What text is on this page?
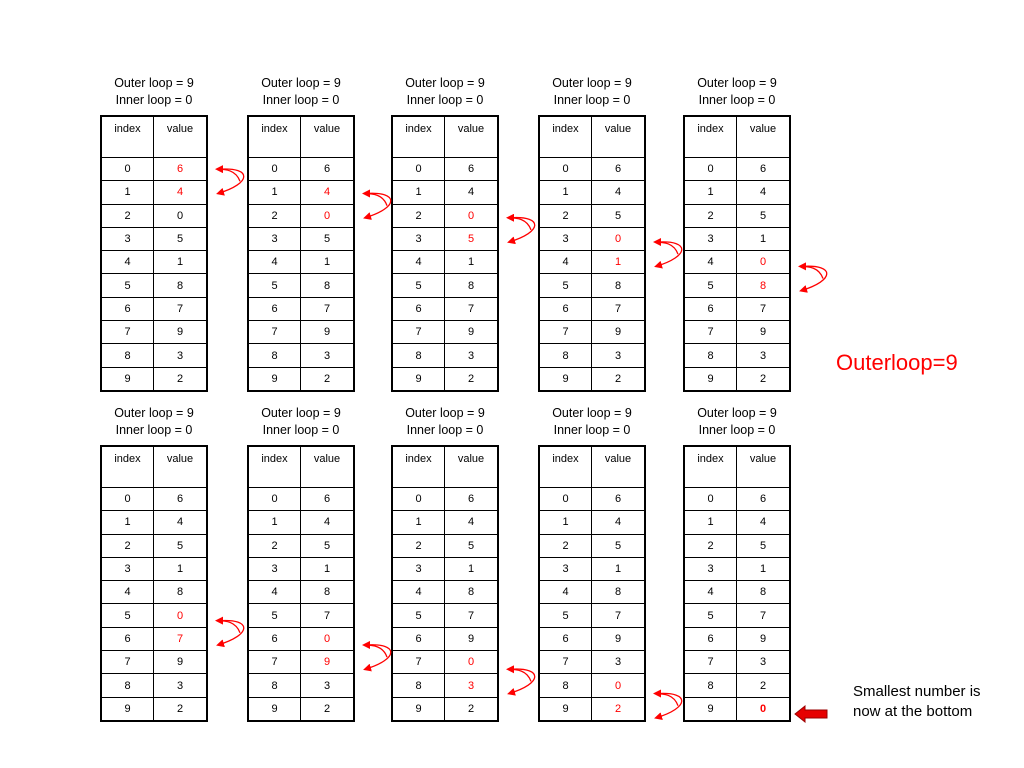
Outer loop = 9
Inner loop = 0
index	value
0	6
1	4
2	0
3	5
4	1
5	8
6	7
7	9
8	3
9	2
Outer loop = 9
Inner loop = 0
index	value
0	6
1	4
2	0
3	5
4	1
5	8
6	7
7	9
8	3
9	2
Outer loop = 9
Inner loop = 0
index	value
0	6
1	4
2	0
3	5
4	1
5	8
6	7
7	9
8	3
9	2
Outer loop = 9
Inner loop = 0
index	value
0	6
1	4
2	5
3	0
4	1
5	8
6	7
7	9
8	3
9	2
Outer loop = 9
Inner loop = 0
index	value
0	6
1	4
2	5
3	1
4	0
5	8
6	7
7	9
8	3
9	2
Outer loop = 9
Inner loop = 0
index	value
0	6
1	4
2	5
3	1
4	8
5	0
6	7
7	9
8	3
9	2
Outer loop = 9
Inner loop = 0
index	value
0	6
1	4
2	5
3	1
4	8
5	7
6	0
7	9
8	3
9	2
Outer loop = 9
Inner loop = 0
index	value
0	6
1	4
2	5
3	1
4	8
5	7
6	9
7	0
8	3
9	2
Outer loop = 9
Inner loop = 0
index	value
0	6
1	4
2	5
3	1
4	8
5	7
6	9
7	3
8	0
9	2
Outer loop = 9
Inner loop = 0
index	value
0	6
1	4
2	5
3	1
4	8
5	7
6	9
7	3
8	2
9	0
Outerloop=9
Smallest number is now at the bottom
